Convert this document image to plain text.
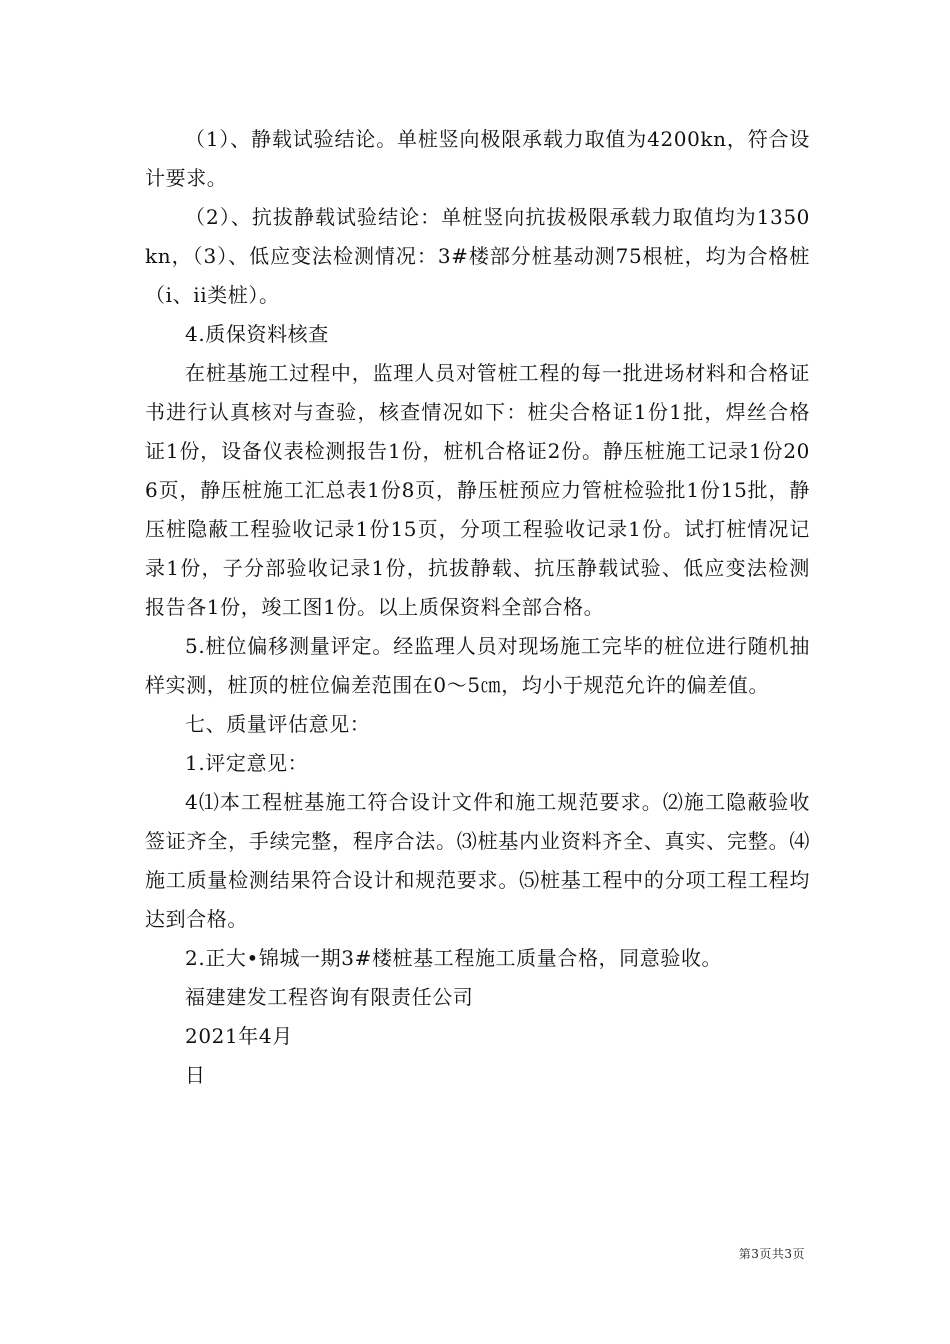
（1）、静载试验结论。单桩竖向极限承载力取值为4200kn，符合设计要求。

（2）、抗拔静载试验结论：单桩竖向抗拔极限承载力取值均为1350kn，（3）、低应变法检测情况：3#楼部分桩基动测75根桩，均为合格桩（i、ii类桩）。

4.质保资料核查

在桩基施工过程中，监理人员对管桩工程的每一批进场材料和合格证书进行认真核对与查验，核查情况如下：桩尖合格证1份1批，焊丝合格证1份，设备仪表检测报告1份，桩机合格证2份。静压桩施工记录1份206页，静压桩施工汇总表1份8页，静压桩预应力管桩检验批1份15批，静压桩隐蔽工程验收记录1份15页，分项工程验收记录1份。试打桩情况记录1份，子分部验收记录1份，抗拔静载、抗压静载试验、低应变法检测报告各1份，竣工图1份。以上质保资料全部合格。

5.桩位偏移测量评定。经监理人员对现场施工完毕的桩位进行随机抽样实测，桩顶的桩位偏差范围在0～5㎝，均小于规范允许的偏差值。

七、质量评估意见：

1.评定意见：

4⑴本工程桩基施工符合设计文件和施工规范要求。⑵施工隐蔽验收签证齐全，手续完整，程序合法。⑶桩基内业资料齐全、真实、完整。⑷施工质量检测结果符合设计和规范要求。⑸桩基工程中的分项工程工程均达到合格。

2.正大•锦城一期3#楼桩基工程施工质量合格，同意验收。

福建建发工程咨询有限责任公司

2021年4月

日

第3页共3页
